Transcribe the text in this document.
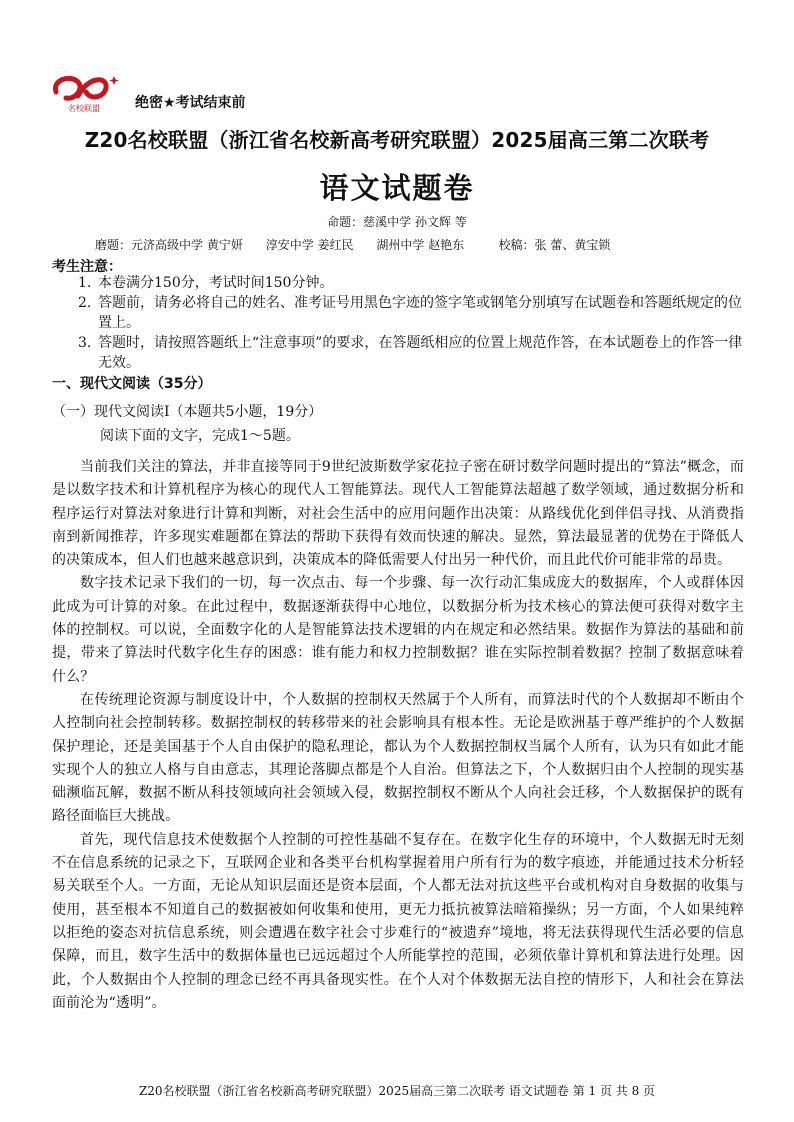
名校联盟	绝密★考试结束前
Z20名校联盟（浙江省名校新高考研究联盟）2025届高三第二次联考
语文试题卷
命题：慈溪中学 孙文辉 等
磨题：元济高级中学 黄宁妍      淳安中学 姜红民      湖州中学 赵艳东         校稿：张 蕾、黄宝锁
考生注意：
1. 本卷满分150分，考试时间150分钟。
2. 答题前，请务必将自己的姓名、准考证号用黑色字迹的签字笔或钢笔分别填写在试题卷和答题纸规定的位置上。
3. 答题时，请按照答题纸上“注意事项”的要求，在答题纸相应的位置上规范作答，在本试题卷上的作答一律无效。
一、现代文阅读（35分）
（一）现代文阅读Ⅰ（本题共5小题，19分）
阅读下面的文字，完成1～5题。

当前我们关注的算法，并非直接等同于9世纪波斯数学家花拉子密在研讨数学问题时提出的“算法”概念，而是以数字技术和计算机程序为核心的现代人工智能算法。现代人工智能算法超越了数学领域，通过数据分析和程序运行对算法对象进行计算和判断，对社会生活中的应用问题作出决策：从路线优化到伴侣寻找、从消费指南到新闻推荐，许多现实难题都在算法的帮助下获得有效而快速的解决。显然，算法最显著的优势在于降低人的决策成本，但人们也越来越意识到，决策成本的降低需要人付出另一种代价，而且此代价可能非常的昂贵。

数字技术记录下我们的一切，每一次点击、每一个步骤、每一次行动汇集成庞大的数据库，个人或群体因此成为可计算的对象。在此过程中，数据逐渐获得中心地位，以数据分析为技术核心的算法便可获得对数字主体的控制权。可以说，全面数字化的人是智能算法技术逻辑的内在规定和必然结果。数据作为算法的基础和前提，带来了算法时代数字化生存的困惑：谁有能力和权力控制数据？谁在实际控制着数据？控制了数据意味着什么？

在传统理论资源与制度设计中，个人数据的控制权天然属于个人所有，而算法时代的个人数据却不断由个人控制向社会控制转移。数据控制权的转移带来的社会影响具有根本性。无论是欧洲基于尊严维护的个人数据保护理论，还是美国基于个人自由保护的隐私理论，都认为个人数据控制权当属个人所有，认为只有如此才能实现个人的独立人格与自由意志，其理论落脚点都是个人自治。但算法之下，个人数据归由个人控制的现实基础濒临瓦解，数据不断从科技领域向社会领域入侵，数据控制权不断从个人向社会迁移，个人数据保护的既有路径面临巨大挑战。

首先，现代信息技术使数据个人控制的可控性基础不复存在。在数字化生存的环境中，个人数据无时无刻不在信息系统的记录之下，互联网企业和各类平台机构掌握着用户所有行为的数字痕迹，并能通过技术分析轻易关联至个人。一方面，无论从知识层面还是资本层面，个人都无法对抗这些平台或机构对自身数据的收集与使用，甚至根本不知道自己的数据被如何收集和使用，更无力抵抗被算法暗箱操纵；另一方面，个人如果纯粹以拒绝的姿态对抗信息系统，则会遭遇在数字社会寸步难行的“被遗弃”境地，将无法获得现代生活必要的信息保障，而且，数字生活中的数据体量也已远远超过个人所能掌控的范围，必须依靠计算机和算法进行处理。因此，个人数据由个人控制的理念已经不再具备现实性。在个人对个体数据无法自控的情形下，人和社会在算法面前沦为“透明”。

Z20名校联盟（浙江省名校新高考研究联盟）2025届高三第二次联考 语文试题卷 第 1 页 共 8 页
